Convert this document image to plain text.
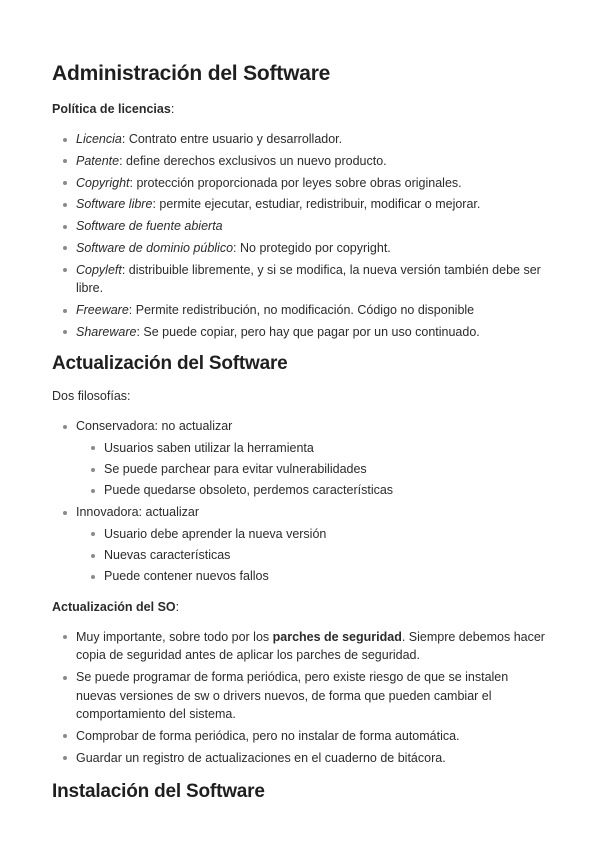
Administración del Software
Política de licencias:
Licencia: Contrato entre usuario y desarrollador.
Patente: define derechos exclusivos un nuevo producto.
Copyright: protección proporcionada por leyes sobre obras originales.
Software libre: permite ejecutar, estudiar, redistribuir, modificar o mejorar.
Software de fuente abierta
Software de dominio público: No protegido por copyright.
Copyleft: distribuible libremente, y si se modifica, la nueva versión también debe ser libre.
Freeware: Permite redistribución, no modificación. Código no disponible
Shareware: Se puede copiar, pero hay que pagar por un uso continuado.
Actualización del Software

Dos filosofías:

Conservadora: no actualizar
Usuarios saben utilizar la herramienta
Se puede parchear para evitar vulnerabilidades
Puede quedarse obsoleto, perdemos características
Innovadora: actualizar
Usuario debe aprender la nueva versión
Nuevas características
Puede contener nuevos fallos
Actualización del SO:
Muy importante, sobre todo por los parches de seguridad. Siempre debemos hacer copia de seguridad antes de aplicar los parches de seguridad.
Se puede programar de forma periódica, pero existe riesgo de que se instalen nuevas versiones de sw o drivers nuevos, de forma que pueden cambiar el comportamiento del sistema.
Comprobar de forma periódica, pero no instalar de forma automática.
Guardar un registro de actualizaciones en el cuaderno de bitácora.
Instalación del Software
